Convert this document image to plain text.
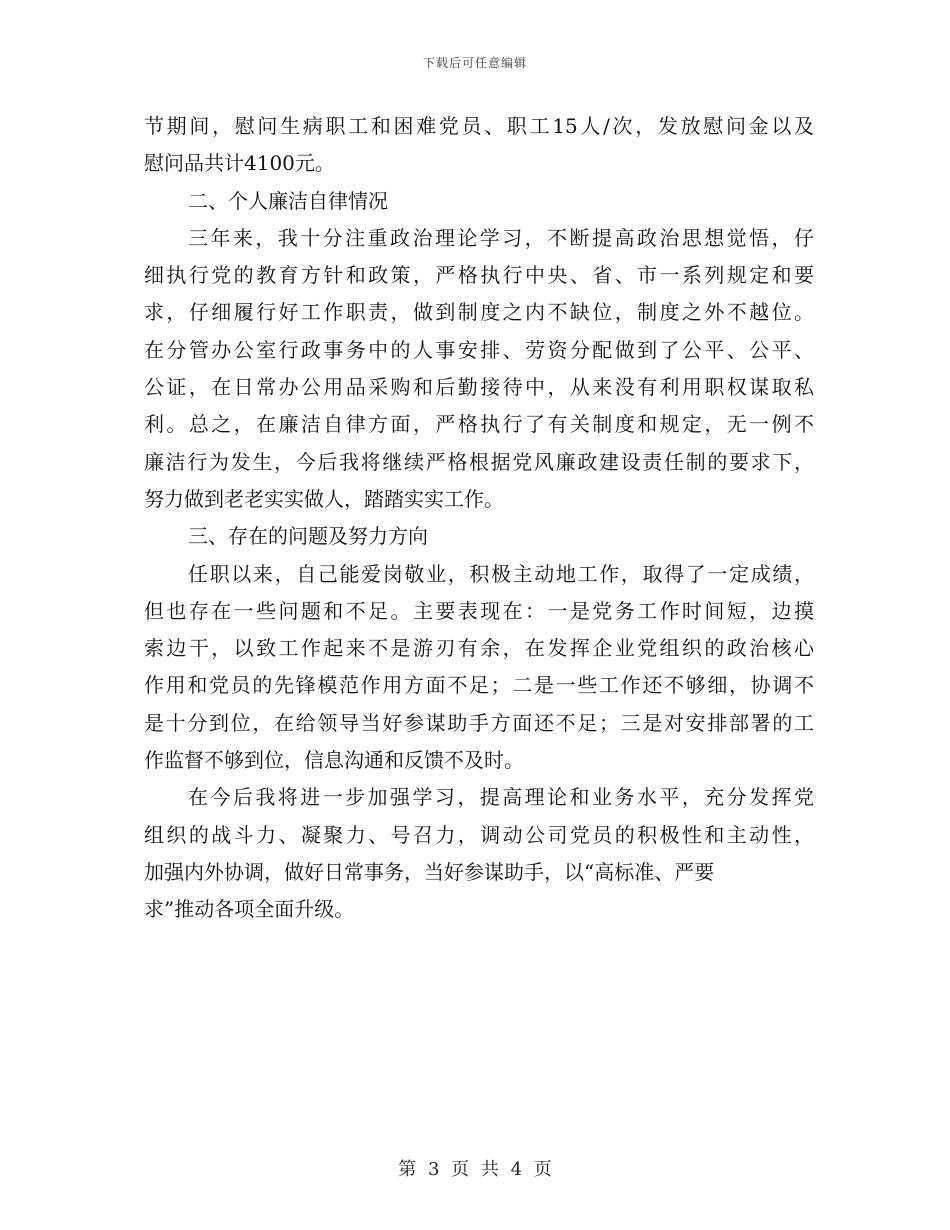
下载后可任意编辑
节期间，慰问生病职工和困难党员、职工15人/次，发放慰问金以及
慰问品共计4100元。
二、个人廉洁自律情况
三年来，我十分注重政治理论学习，不断提高政治思想觉悟，仔
细执行党的教育方针和政策，严格执行中央、省、市一系列规定和要
求，仔细履行好工作职责，做到制度之内不缺位，制度之外不越位。
在分管办公室行政事务中的人事安排、劳资分配做到了公平、公平、
公证，在日常办公用品采购和后勤接待中，从来没有利用职权谋取私
利。总之，在廉洁自律方面，严格执行了有关制度和规定，无一例不
廉洁行为发生，今后我将继续严格根据党风廉政建设责任制的要求下，
努力做到老老实实做人，踏踏实实工作。
三、存在的问题及努力方向
任职以来，自己能爱岗敬业，积极主动地工作，取得了一定成绩，
但也存在一些问题和不足。主要表现在：一是党务工作时间短，边摸
索边干，以致工作起来不是游刃有余，在发挥企业党组织的政治核心
作用和党员的先锋模范作用方面不足；二是一些工作还不够细，协调不
是十分到位，在给领导当好参谋助手方面还不足；三是对安排部署的工
作监督不够到位，信息沟通和反馈不及时。
在今后我将进一步加强学习，提高理论和业务水平，充分发挥党
组织的战斗力、凝聚力、号召力，调动公司党员的积极性和主动性，
加强内外协调，做好日常事务，当好参谋助手，以“高标准、严要
求”推动各项全面升级。
第 3 页 共 4 页
